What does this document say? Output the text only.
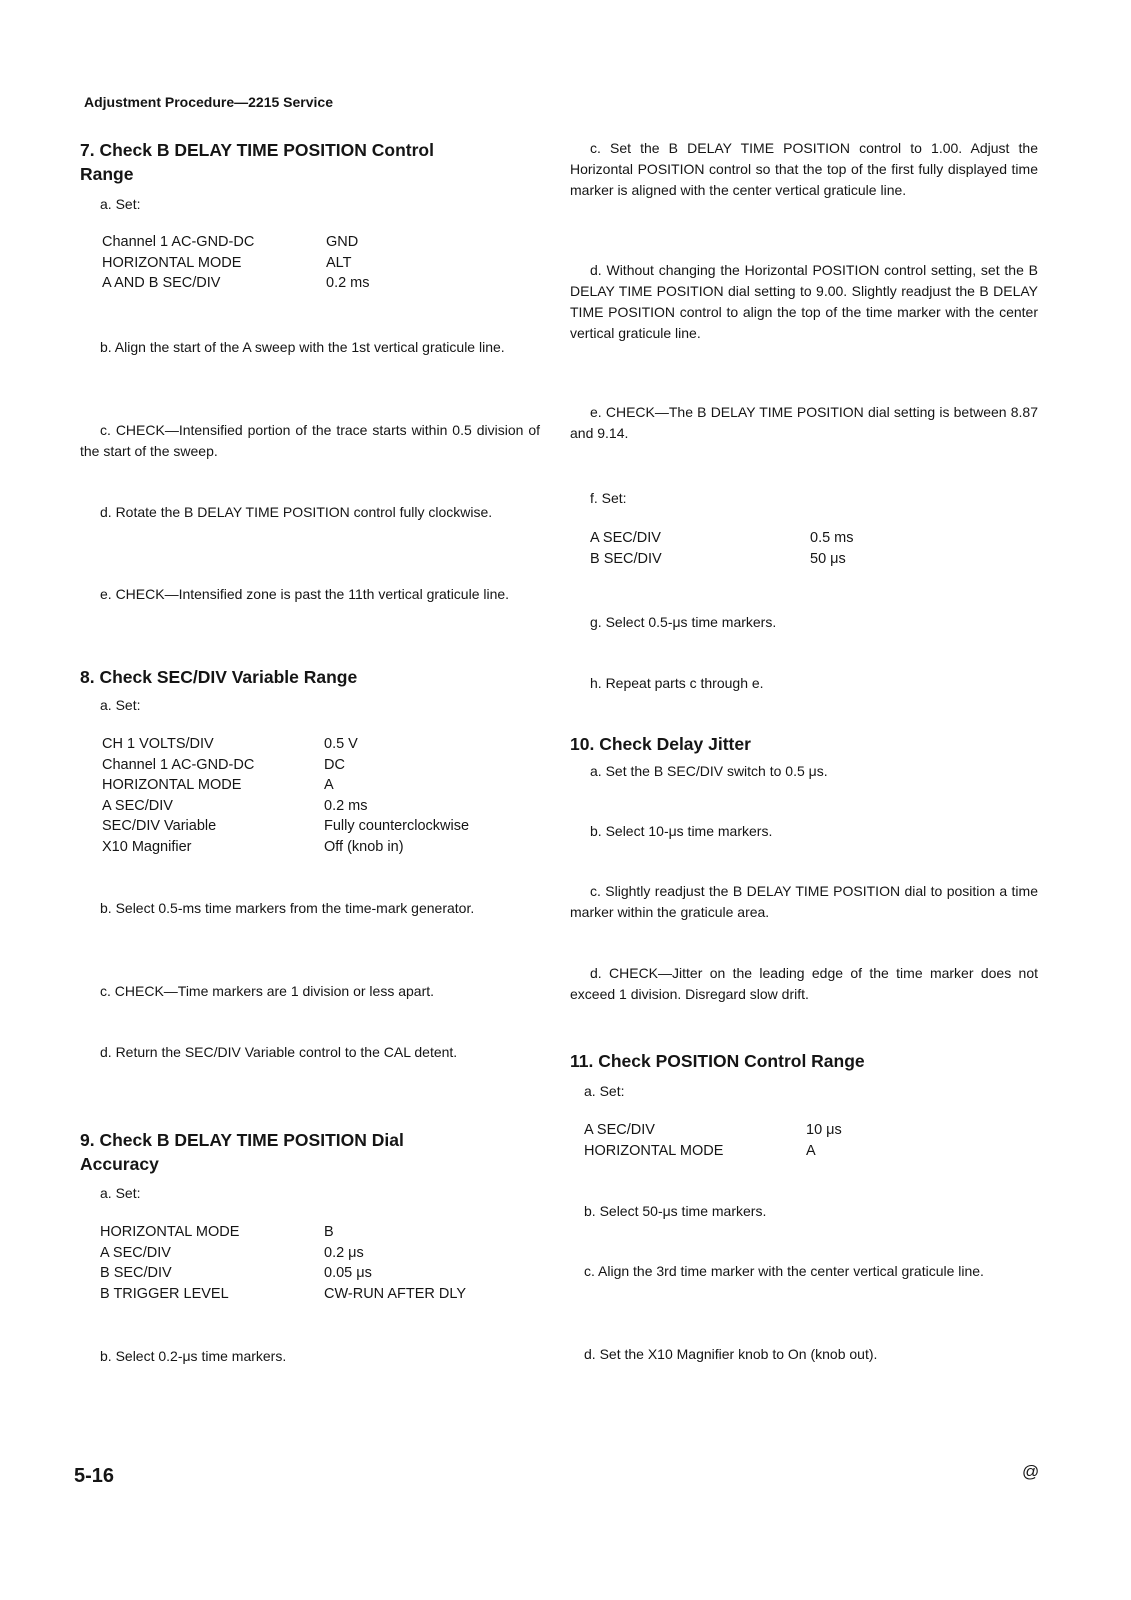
Adjustment Procedure—2215 Service

7. Check B DELAY TIME POSITION Control

Range

a. Set:
Channel 1 AC-GND-DC	GND
HORIZONTAL MODE	ALT
A AND B SEC/DIV	0.2 ms
b. Align the start of the A sweep with the 1st vertical graticule line.
c. CHECK—Intensified portion of the trace starts within 0.5 division of the start of the sweep.
d. Rotate the B DELAY TIME POSITION control fully clockwise.
e. CHECK—Intensified zone is past the 11th vertical graticule line.

8. Check SEC/DIV Variable Range

a. Set:
CH 1 VOLTS/DIV	0.5 V
Channel 1 AC-GND-DC	DC
HORIZONTAL MODE	A
A SEC/DIV	0.2 ms
SEC/DIV Variable	Fully counterclockwise
X10 Magnifier	Off (knob in)
b. Select 0.5-ms time markers from the time-mark generator.
c. CHECK—Time markers are 1 division or less apart.
d. Return the SEC/DIV Variable control to the CAL detent.

9. Check B DELAY TIME POSITION Dial

Accuracy

a. Set:
HORIZONTAL MODE	B
A SEC/DIV	0.2 μs
B SEC/DIV	0.05 μs
B TRIGGER LEVEL	CW-RUN AFTER DLY
b. Select 0.2-μs time markers.
c. Set the B DELAY TIME POSITION control to 1.00. Adjust the Horizontal POSITION control so that the top of the first fully displayed time marker is aligned with the center vertical graticule line.
d. Without changing the Horizontal POSITION control setting, set the B DELAY TIME POSITION dial setting to 9.00. Slightly readjust the B DELAY TIME POSITION control to align the top of the time marker with the center vertical graticule line.
e. CHECK—The B DELAY TIME POSITION dial setting is between 8.87 and 9.14.
f. Set:
A SEC/DIV	0.5 ms
B SEC/DIV	50 μs
g. Select 0.5-μs time markers.
h. Repeat parts c through e.

10. Check Delay Jitter

a. Set the B SEC/DIV switch to 0.5 μs.
b. Select 10-μs time markers.
c. Slightly readjust the B DELAY TIME POSITION dial to position a time marker within the graticule area.
d. CHECK—Jitter on the leading edge of the time marker does not exceed 1 division. Disregard slow drift.

11. Check POSITION Control Range

a. Set:
A SEC/DIV	10 μs
HORIZONTAL MODE	A
b. Select 50-μs time markers.
c. Align the 3rd time marker with the center vertical graticule line.
d. Set the X10 Magnifier knob to On (knob out).
5-16	@
